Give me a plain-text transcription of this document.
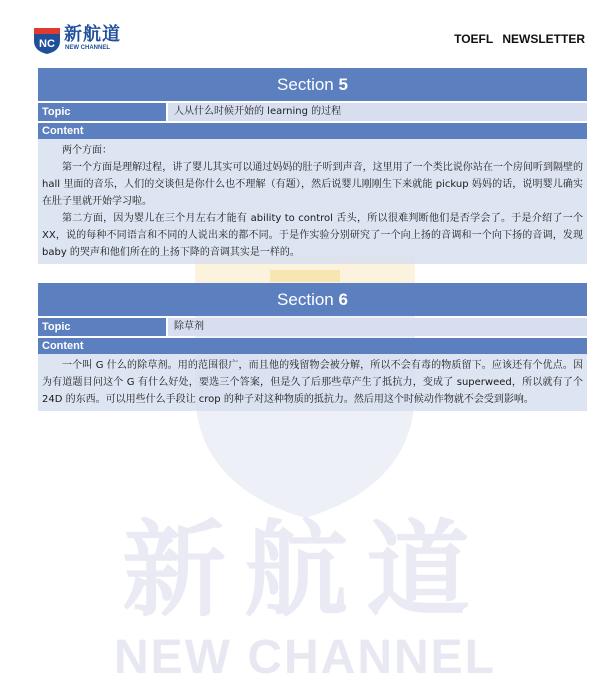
NC 新航道
NEW CHANNEL
TOEFL NEWSLETTER
新航道
NEW CHANNEL
Section 5
Topic	人从什么时候开始的 learning 的过程
Content

两个方面：

第一个方面是理解过程，讲了婴儿其实可以通过妈妈的肚子听到声音，这里用了一个类比说你站在一个房间听到隔壁的 hall 里面的音乐，人们的交谈但是你什么也不理解（有题），然后说婴儿刚刚生下来就能 pickup 妈妈的话，说明婴儿确实在肚子里就开始学习啦。

第二方面，因为婴儿在三个月左右才能有 ability to control 舌头，所以很难判断他们是否学会了。于是介绍了一个 XX，说的每种不同语言和不同的人说出来的都不同。于是作实验分别研究了一个向上扬的音调和一个向下扬的音调，发现 baby 的哭声和他们所在的上扬下降的音调其实是一样的。

Section 6
Topic	除草剂
Content

一个叫 G 什么的除草剂。用的范围很广，而且他的残留物会被分解，所以不会有毒的物质留下。应该还有个优点。因为有道题目问这个 G 有什么好处，要选三个答案，但是久了后那些草产生了抵抗力，变成了 superweed，所以就有了个 24D 的东西。可以用些什么手段让 crop 的种子对这种物质的抵抗力。然后用这个时候动作物就不会受到影响。
